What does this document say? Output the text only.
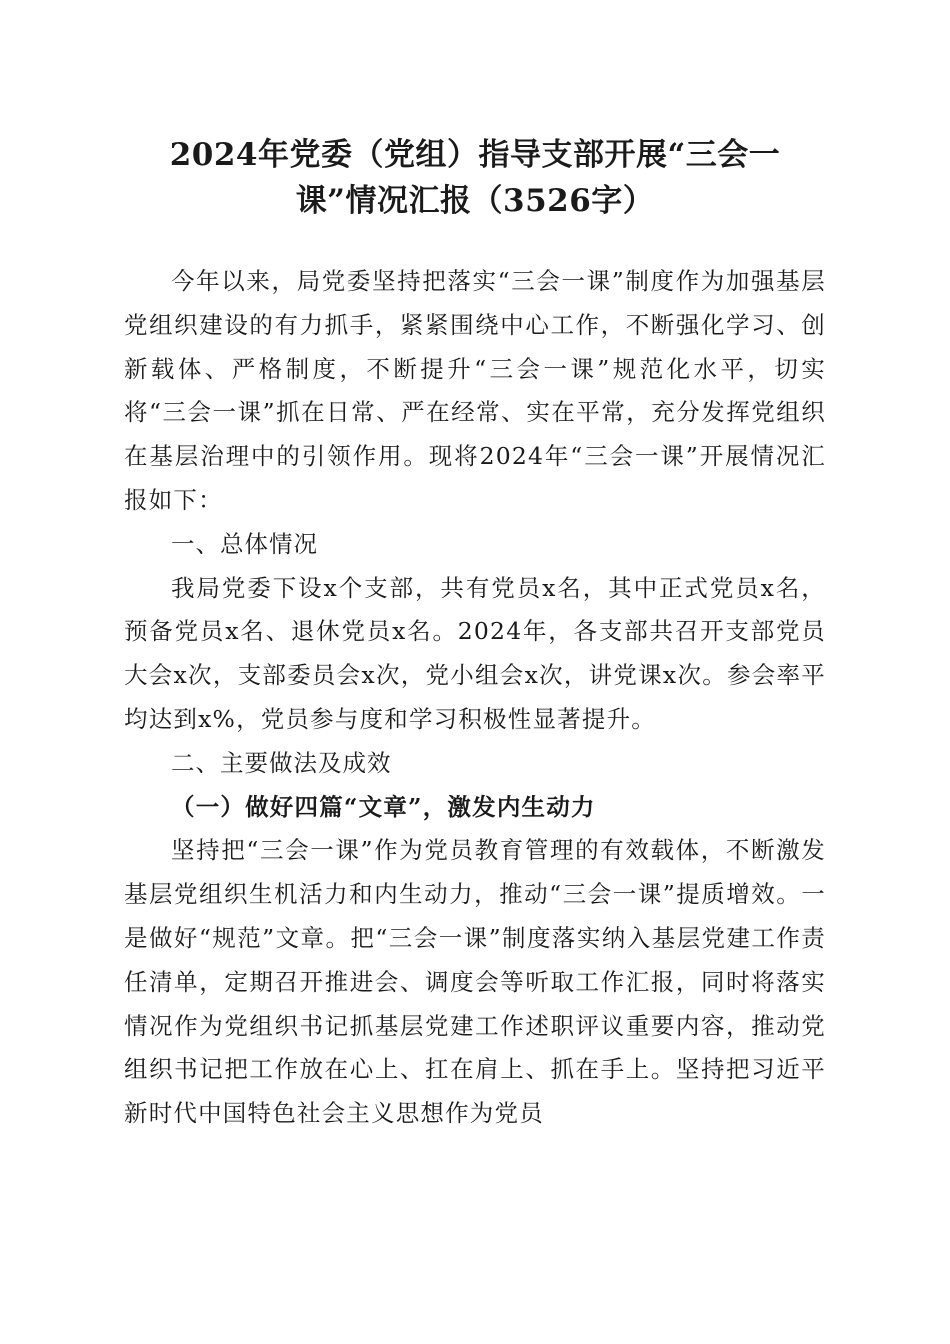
2024年党委（党组）指导支部开展“三会一
课”情况汇报（3526字）

今年以来，局党委坚持把落实“三会一课”制度作为加强基层党组织建设的有力抓手，紧紧围绕中心工作，不断强化学习、创新载体、严格制度，不断提升“三会一课”规范化水平，切实将“三会一课”抓在日常、严在经常、实在平常，充分发挥党组织在基层治理中的引领作用。现将2024年“三会一课”开展情况汇报如下：

一、总体情况

我局党委下设x个支部，共有党员x名，其中正式党员x名，预备党员x名、退休党员x名。2024年，各支部共召开支部党员大会x次，支部委员会x次，党小组会x次，讲党课x次。参会率平均达到x%，党员参与度和学习积极性显著提升。

二、主要做法及成效
（一）做好四篇“文章”，激发内生动力

坚持把“三会一课”作为党员教育管理的有效载体，不断激发基层党组织生机活力和内生动力，推动“三会一课”提质增效。一是做好“规范”文章。把“三会一课”制度落实纳入基层党建工作责任清单，定期召开推进会、调度会等听取工作汇报，同时将落实情况作为党组织书记抓基层党建工作述职评议重要内容，推动党组织书记把工作放在心上、扛在肩上、抓在手上。坚持把习近平新时代中国特色社会主义思想作为党员
